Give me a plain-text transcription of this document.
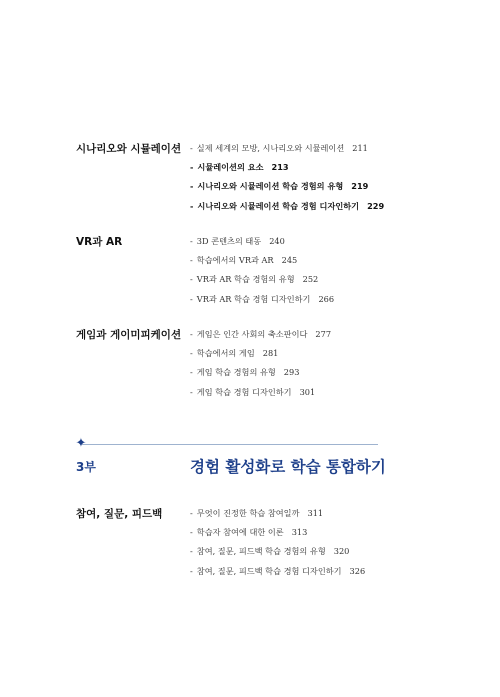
시나리오와 시뮬레이션 - 실제 세계의 모방, 시나리오와 시뮬레이션 211
- 시뮬레이션의 요소 213
- 시나리오와 시뮬레이션 학습 경험의 유형 219
- 시나리오와 시뮬레이션 학습 경험 디자인하기 229
VR과 AR	- 3D 콘텐츠의 태동 240
- 학습에서의 VR과 AR 245
- VR과 AR 학습 경험의 유형 252
- VR과 AR 학습 경험 디자인하기 266
게임과 게이미피케이션 - 게임은 인간 사회의 축소판이다 277
- 학습에서의 게임 281
- 게임 학습 경험의 유형 293
- 게임 학습 경험 디자인하기 301
✦
3부	경험 활성화로 학습 통합하기
참여, 질문, 피드백	- 무엇이 진정한 학습 참여일까 311
- 학습자 참여에 대한 이론 313
- 참여, 질문, 피드백 학습 경험의 유형 320
- 참여, 질문, 피드백 학습 경험 디자인하기 326
